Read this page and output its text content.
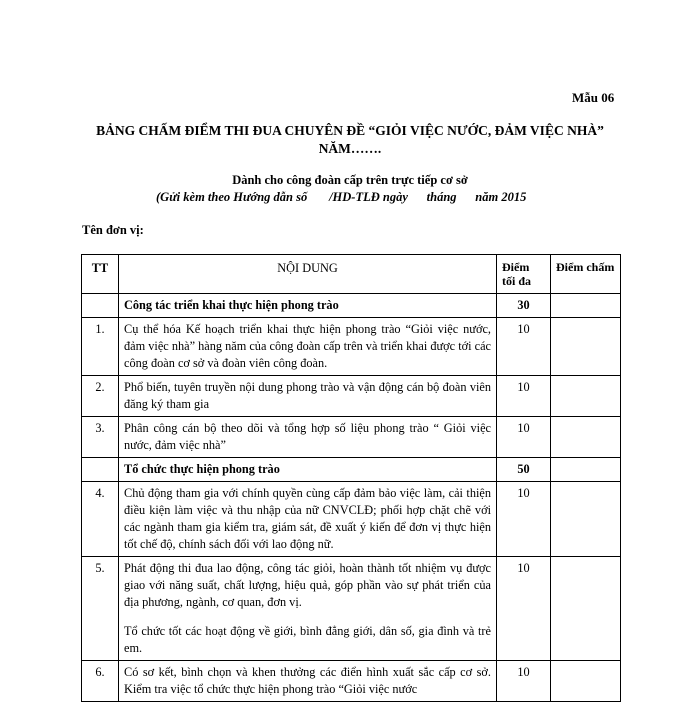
Mẫu 06
BẢNG CHẤM ĐIỂM THI ĐUA CHUYÊN ĐỀ “GIỎI VIỆC NƯỚC, ĐẢM VIỆC NHÀ”
NĂM…….
Dành cho công đoàn cấp trên trực tiếp cơ sở
(Gửi kèm theo Hướng dẫn số       /HD-TLĐ ngày      tháng      năm 2015
Tên đơn vị:
TT	NỘI DUNG	Điểm tối đa	Điểm chấm
	Công tác triển khai thực hiện phong trào	30	
1.	Cụ thể hóa Kế hoạch triển khai thực hiện phong trào “Giỏi việc nước, đảm việc nhà” hàng năm của công đoàn cấp trên và triển khai được tới các công đoàn cơ sở và đoàn viên công đoàn.	10	
2.	Phổ biến, tuyên truyền nội dung phong trào và vận động cán bộ đoàn viên đăng ký tham gia	10	
3.	Phân công cán bộ theo dõi và tổng hợp số liệu phong trào “ Giỏi việc nước, đảm việc nhà”	10	
	Tổ chức thực hiện phong trào	50	
4.	Chủ động tham gia với chính quyền cùng cấp đảm bảo việc làm, cải thiện điều kiện làm việc và thu nhập của nữ CNVCLĐ; phối hợp chặt chẽ với các ngành tham gia kiểm tra, giám sát, đề xuất ý kiến để đơn vị thực hiện tốt chế độ, chính sách đối với lao động nữ.	10	
5.	Phát động thi đua lao động, công tác giỏi, hoàn thành tốt nhiệm vụ được giao với năng suất, chất lượng, hiệu quả, góp phần vào sự phát triển của địa phương, ngành, cơ quan, đơn vị.
Tổ chức tốt các hoạt động về giới, bình đẳng giới, dân số, gia đình và trẻ em.	10	
6.	Có sơ kết, bình chọn và khen thưởng các điển hình xuất sắc cấp cơ sở. Kiểm tra việc tổ chức thực hiện phong trào “Giỏi việc nước	10	
